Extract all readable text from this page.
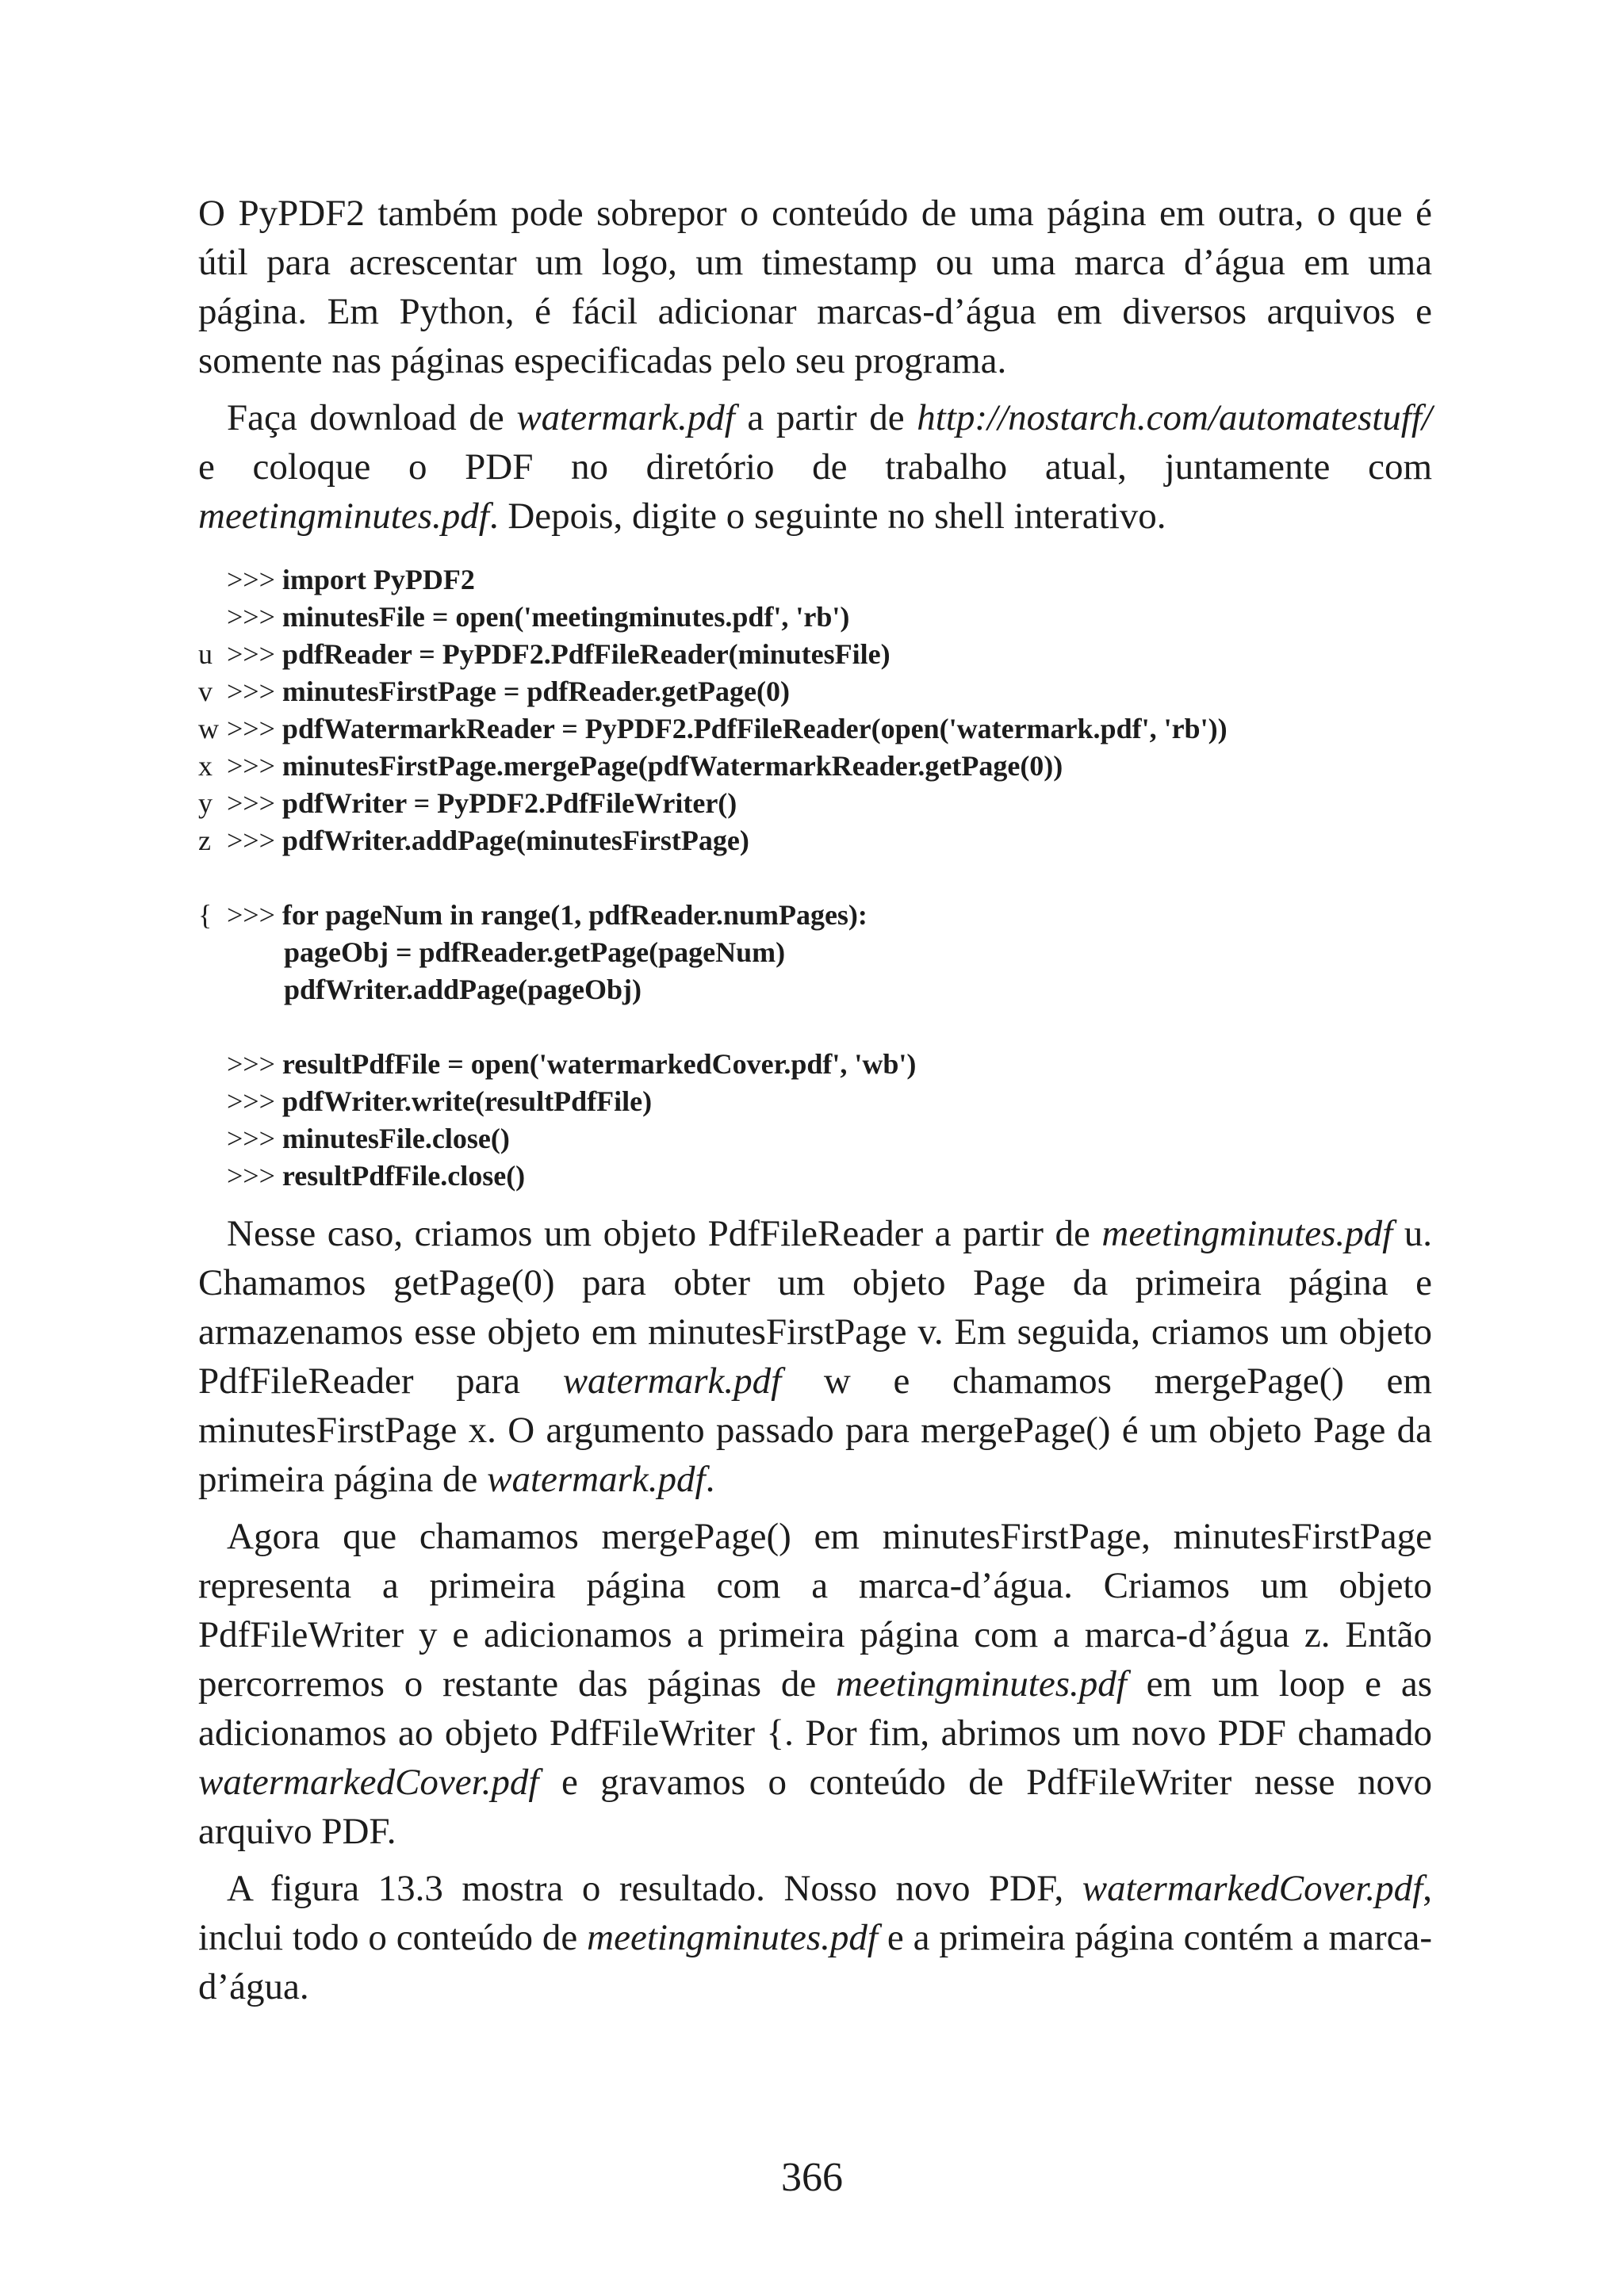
O PyPDF2 também pode sobrepor o conteúdo de uma página em outra, o que é útil para acrescentar um logo, um timestamp ou uma marca d’água em uma página. Em Python, é fácil adicionar marcas-d’água em diversos arquivos e somente nas páginas especificadas pelo seu programa.

Faça download de watermark.pdf a partir de http://nostarch.com/automatestuff/ e coloque o PDF no diretório de trabalho atual, juntamente com meetingminutes.pdf. Depois, digite o seguinte no shell interativo.

>>> import PyPDF2
>>> minutesFile = open('meetingminutes.pdf', 'rb')
u >>> pdfReader = PyPDF2.PdfFileReader(minutesFile)
v >>> minutesFirstPage = pdfReader.getPage(0)
w >>> pdfWatermarkReader = PyPDF2.PdfFileReader(open('watermark.pdf', 'rb'))
x >>> minutesFirstPage.mergePage(pdfWatermarkReader.getPage(0))
y >>> pdfWriter = PyPDF2.PdfFileWriter()
z >>> pdfWriter.addPage(minutesFirstPage)
{ >>> for pageNum in range(1, pdfReader.numPages):
pageObj = pdfReader.getPage(pageNum)
pdfWriter.addPage(pageObj)
>>> resultPdfFile = open('watermarkedCover.pdf', 'wb')
>>> pdfWriter.write(resultPdfFile)
>>> minutesFile.close()
>>> resultPdfFile.close()

Nesse caso, criamos um objeto PdfFileReader a partir de meetingminutes.pdf u. Chamamos getPage(0) para obter um objeto Page da primeira página e armazenamos esse objeto em minutesFirstPage v. Em seguida, criamos um objeto PdfFileReader para watermark.pdf w e chamamos mergePage() em minutesFirstPage x. O argumento passado para mergePage() é um objeto Page da primeira página de watermark.pdf.

Agora que chamamos mergePage() em minutesFirstPage, minutesFirstPage representa a primeira página com a marca-d’água. Criamos um objeto PdfFileWriter y e adicionamos a primeira página com a marca-d’água z. Então percorremos o restante das páginas de meetingminutes.pdf em um loop e as adicionamos ao objeto PdfFileWriter {. Por fim, abrimos um novo PDF chamado watermarkedCover.pdf e gravamos o conteúdo de PdfFileWriter nesse novo arquivo PDF.

A figura 13.3 mostra o resultado. Nosso novo PDF, watermarkedCover.pdf, inclui todo o conteúdo de meetingminutes.pdf e a primeira página contém a marca-d’água.

366
